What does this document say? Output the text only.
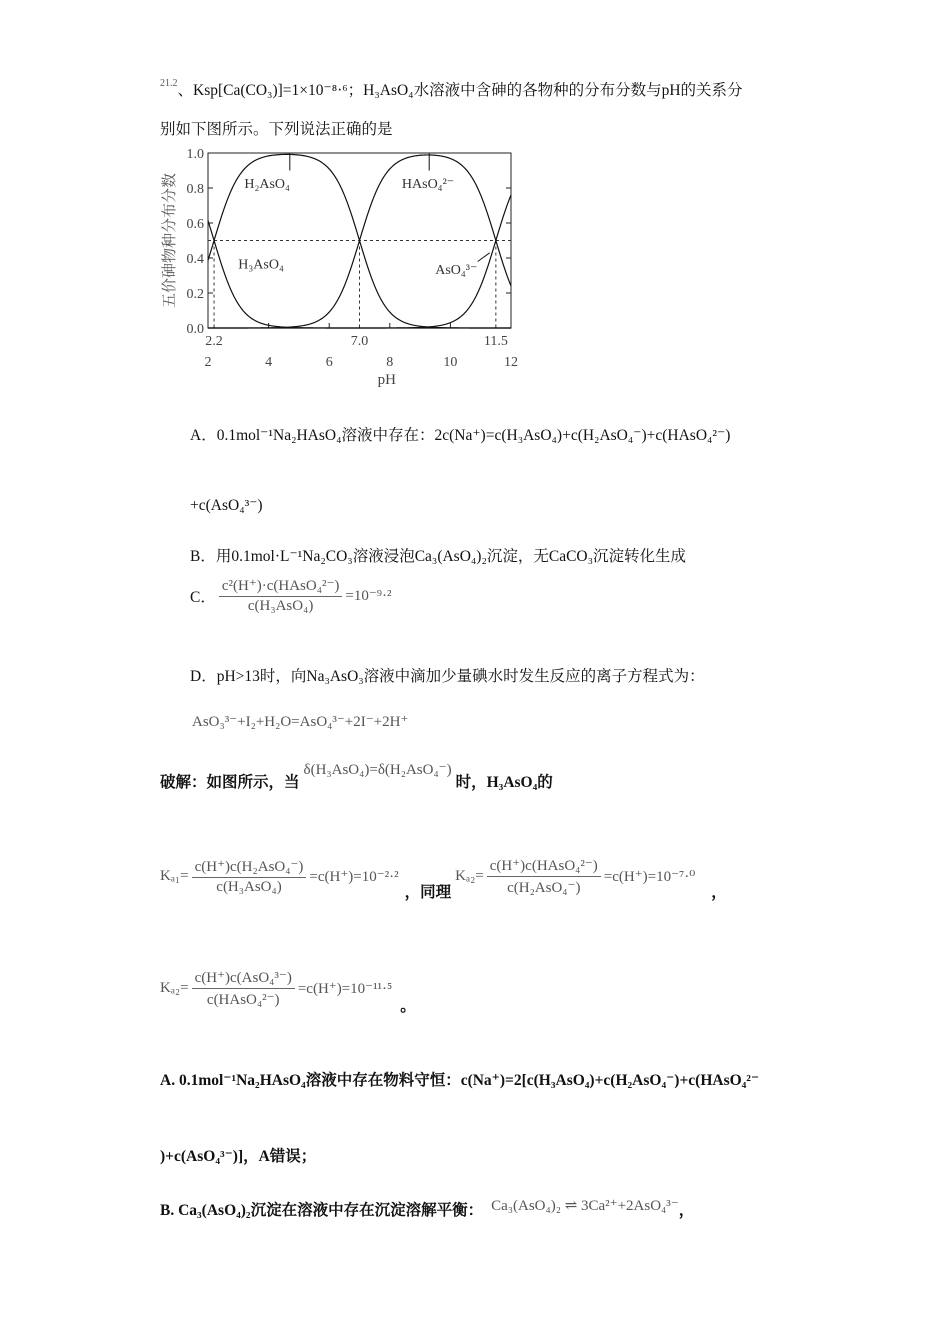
$^{21.2}$、Ksp[Ca(CO₃)]=1×10⁻⁸·⁶；H₃AsO₄水溶液中含砷的各物种的分布分数与pH的关系分
别如下图所示。下列说法正确的是
0.0
0.2
0.4
0.6
0.8
1.0
2	4	6	8	10	12
2.2	7.0	11.5
H₃AsO₄
H₂AsO₄	HAsO₄²⁻
AsO₄³⁻
五价砷物种分布分数
pH
A．0.1mol⁻¹Na₂HAsO₄溶液中存在：2c(Na⁺)=c(H₃AsO₄)+c(H₂AsO₄⁻)+c(HAsO₄²⁻)
+c(AsO₄³⁻)
B．用0.1mol·L⁻¹Na₂CO₃溶液浸泡Ca₃(AsO₄)₂沉淀，无CaCO₃沉淀转化生成
C． $\frac{\text{c²(H⁺)·c(HAsO₄²⁻)}}{\text{c(H₃AsO₄)}} =10^{-9}\cdot^2$
D．pH>13时，向Na₃AsO₃溶液中滴加少量碘水时发生反应的离子方程式为：
AsO₃³⁻+I₂+H₂O=AsO₄³⁻+2I⁻+2H⁺
破解：如图所示，当
δ(H₃AsO₄)=δ(H₂AsO₄⁻)
时，H₃AsO₄的
$K_{a1}= \frac{\text{c(H⁺)c(H₂AsO₄⁻)}}{\text{c(H₃AsO₄)}} =c(H^+)=10^{-2}\cdot^2$
，同理
$K_{a2}= \frac{\text{c(H⁺)c(HAsO₄²⁻)}}{\text{c(H₂AsO₄⁻)}} =c(H^+)=10^{-7}\cdot^0$
，
$K_{a2}= \frac{\text{c(H⁺)c(AsO₄³⁻)}}{\text{c(HAsO₄²⁻)}} =c(H^+)=10^{-11}\cdot^5$
。
A. 0.1mol⁻¹Na₂HAsO₄溶液中存在物料守恒：c(Na⁺)=2[c(H₃AsO₄)+c(H₂AsO₄⁻)+c(HAsO₄²⁻
)+c(AsO₄³⁻)]，A错误；
B. Ca₃(AsO₄)₂沉淀在溶液中存在沉淀溶解平衡： Ca₃(AsO₄)₂ ⇌ 3Ca²⁺+2AsO₄³⁻ ，
